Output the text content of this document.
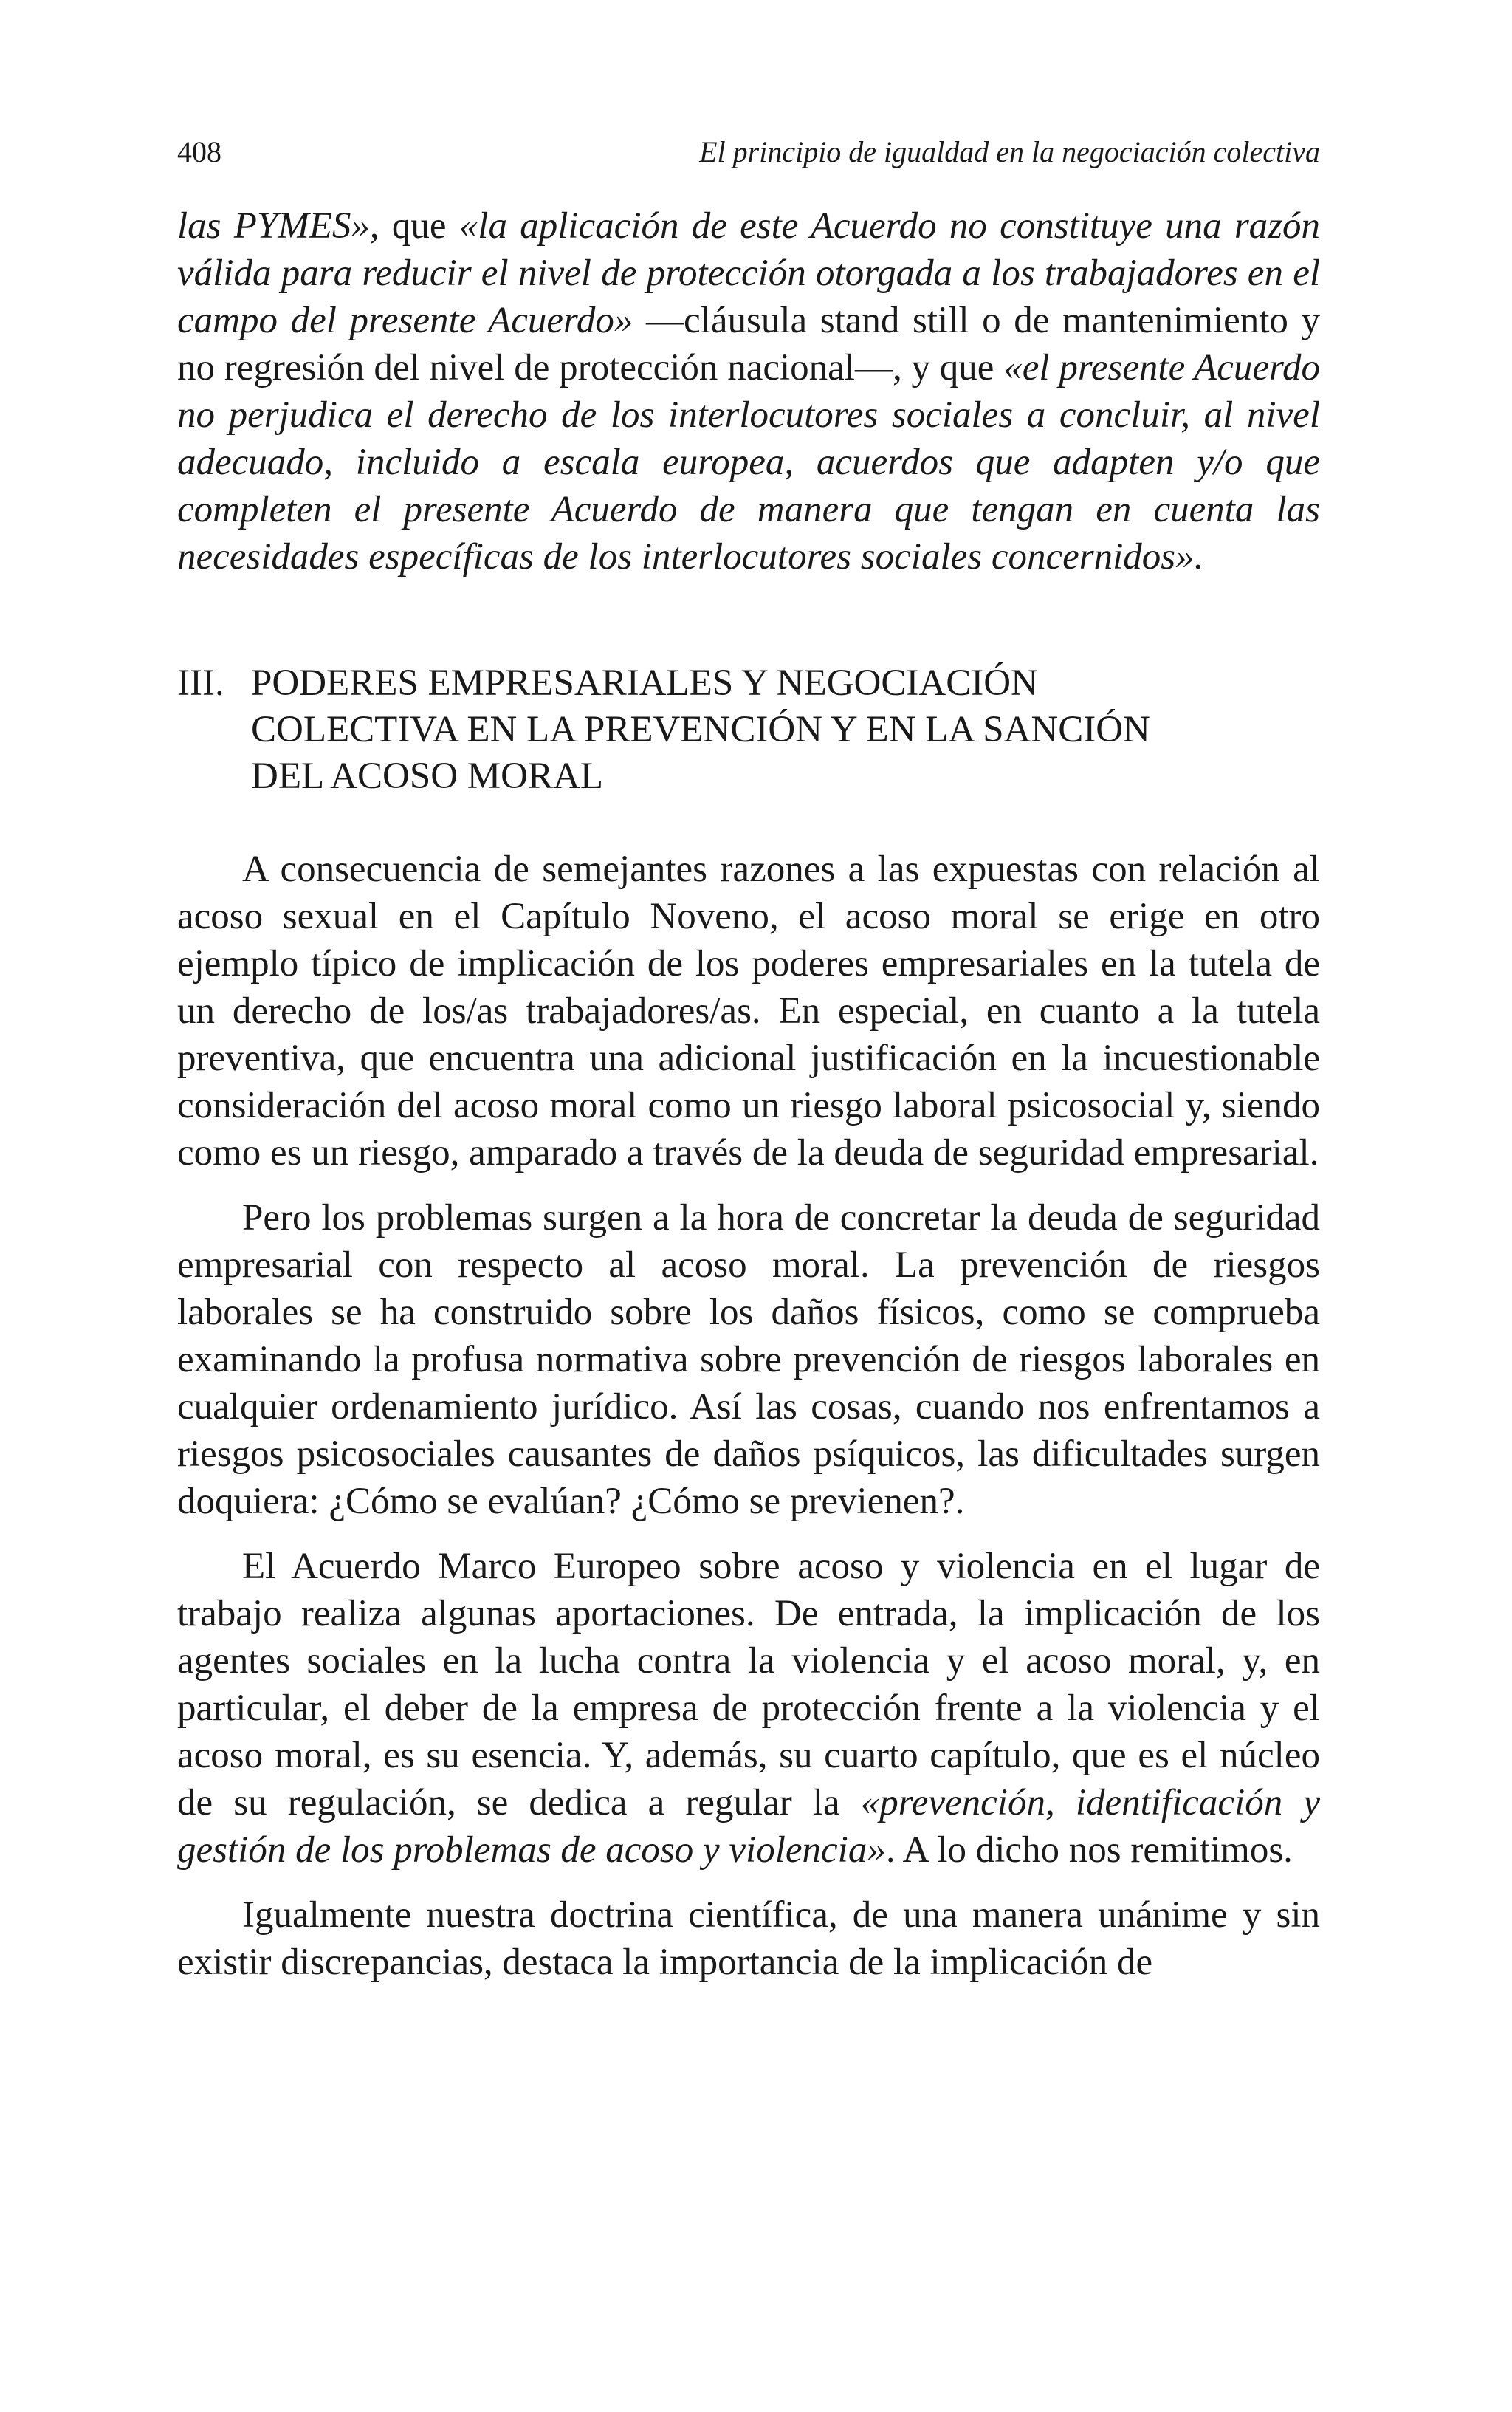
408	El principio de igualdad en la negociación colectiva

las PYMES», que «la aplicación de este Acuerdo no constituye una razón válida para reducir el nivel de protección otorgada a los trabajadores en el campo del presente Acuerdo» —cláusula stand still o de mantenimiento y no regresión del nivel de protección nacional—, y que «el presente Acuerdo no perjudica el derecho de los interlocutores sociales a concluir, al nivel adecuado, incluido a escala europea, acuerdos que adapten y/o que completen el presente Acuerdo de manera que tengan en cuenta las necesidades específicas de los interlocutores sociales concernidos».

III. PODERES EMPRESARIALES Y NEGOCIACIÓN
COLECTIVA EN LA PREVENCIÓN Y EN LA SANCIÓN
DEL ACOSO MORAL

A consecuencia de semejantes razones a las expuestas con relación al acoso sexual en el Capítulo Noveno, el acoso moral se erige en otro ejemplo típico de implicación de los poderes empresariales en la tutela de un derecho de los/as trabajadores/as. En especial, en cuanto a la tutela preventiva, que encuentra una adicional justificación en la incuestionable consideración del acoso moral como un riesgo laboral psicosocial y, siendo como es un riesgo, amparado a través de la deuda de seguridad empresarial.

Pero los problemas surgen a la hora de concretar la deuda de seguridad empresarial con respecto al acoso moral. La prevención de riesgos laborales se ha construido sobre los daños físicos, como se comprueba examinando la profusa normativa sobre prevención de riesgos laborales en cualquier ordenamiento jurídico. Así las cosas, cuando nos enfrentamos a riesgos psicosociales causantes de daños psíquicos, las dificultades surgen doquiera: ¿Cómo se evalúan? ¿Cómo se previenen?.

El Acuerdo Marco Europeo sobre acoso y violencia en el lugar de trabajo realiza algunas aportaciones. De entrada, la implicación de los agentes sociales en la lucha contra la violencia y el acoso moral, y, en particular, el deber de la empresa de protección frente a la violencia y el acoso moral, es su esencia. Y, además, su cuarto capítulo, que es el núcleo de su regulación, se dedica a regular la «prevención, identificación y gestión de los problemas de acoso y violencia». A lo dicho nos remitimos.

Igualmente nuestra doctrina científica, de una manera unánime y sin existir discrepancias, destaca la importancia de la implicación de
